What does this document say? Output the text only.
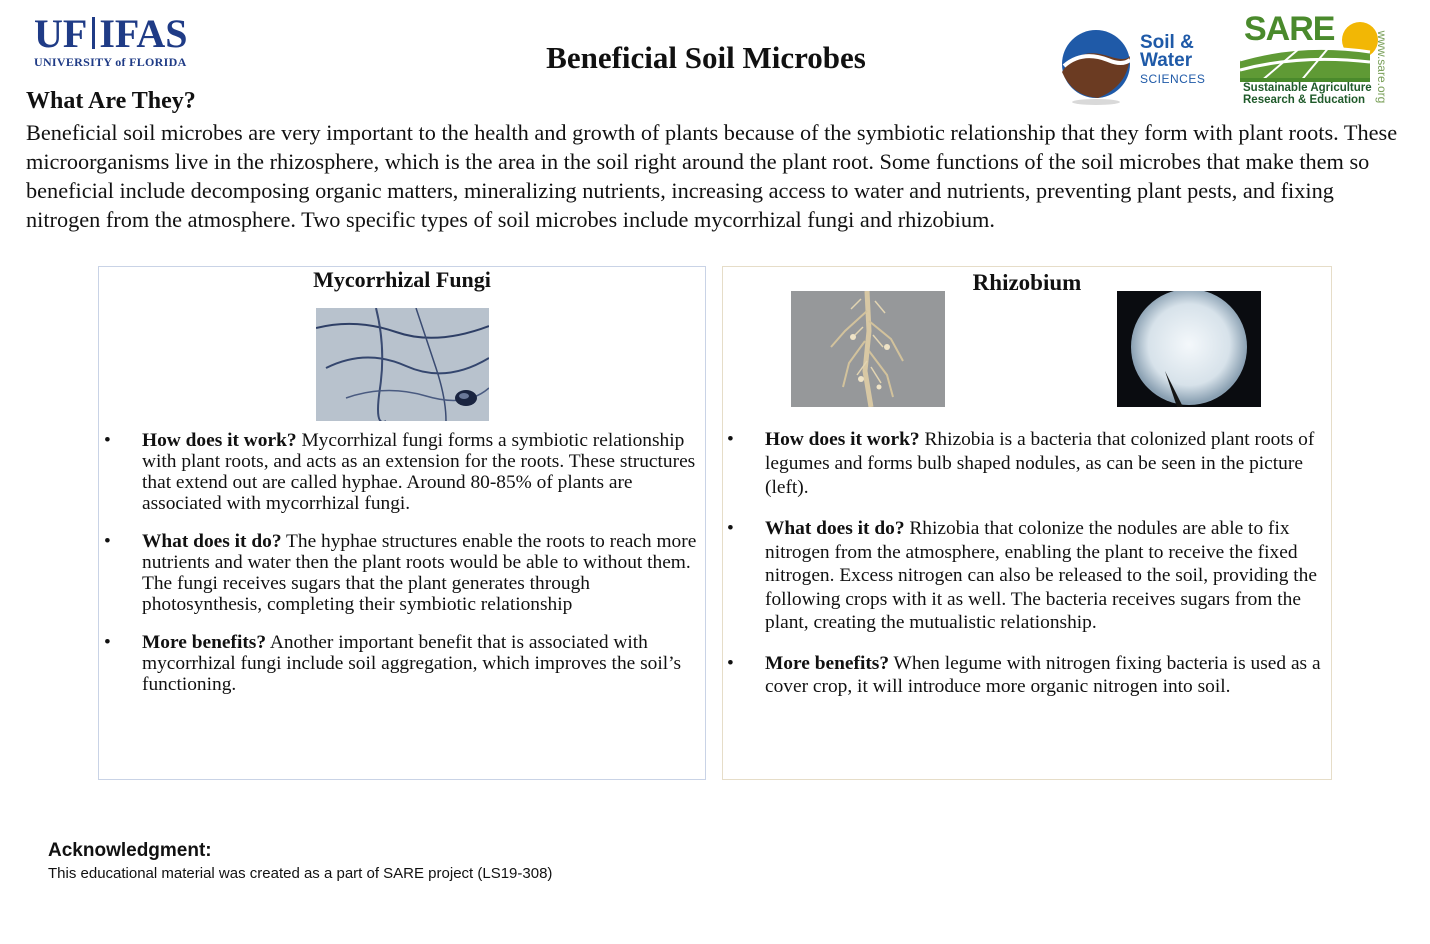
UF IFAS
UNIVERSITY of FLORIDA	Beneficial Soil Microbes	Soil &
Water
SCIENCES
SARE
Sustainable Agriculture
Research & Education www.sare.org
What Are They?
Beneficial soil microbes are very important to the health and growth of plants because of the symbiotic relationship that they form with plant roots. These microorganisms live in the rhizosphere, which is the area in the soil right around the plant root. Some functions of the soil microbes that make them so beneficial include decomposing organic matters, mineralizing nutrients, increasing access to water and nutrients, preventing plant pests, and fixing nitrogen from the atmosphere. Two specific types of soil microbes include mycorrhizal fungi and rhizobium.
Mycorrhizal Fungi
• How does it work? Mycorrhizal fungi forms a symbiotic relationship with plant roots, and acts as an extension for the roots. These structures that extend out are called hyphae. Around 80-85% of plants are associated with mycorrhizal fungi.
• What does it do? The hyphae structures enable the roots to reach more nutrients and water then the plant roots would be able to without them. The fungi receives sugars that the plant generates through photosynthesis, completing their symbiotic relationship
• More benefits? Another important benefit that is associated with mycorrhizal fungi include soil aggregation, which improves the soil’s functioning.
Rhizobium
• How does it work? Rhizobia is a bacteria that colonized plant roots of legumes and forms bulb shaped nodules, as can be seen in the picture (left).
• What does it do? Rhizobia that colonize the nodules are able to fix nitrogen from the atmosphere, enabling the plant to receive the fixed nitrogen. Excess nitrogen can also be released to the soil, providing the following crops with it as well. The bacteria receives sugars from the plant, creating the mutualistic relationship.
• More benefits? When legume with nitrogen fixing bacteria is used as a cover crop, it will introduce more organic nitrogen into soil.
Acknowledgment:
This educational material was created as a part of SARE project (LS19-308)
